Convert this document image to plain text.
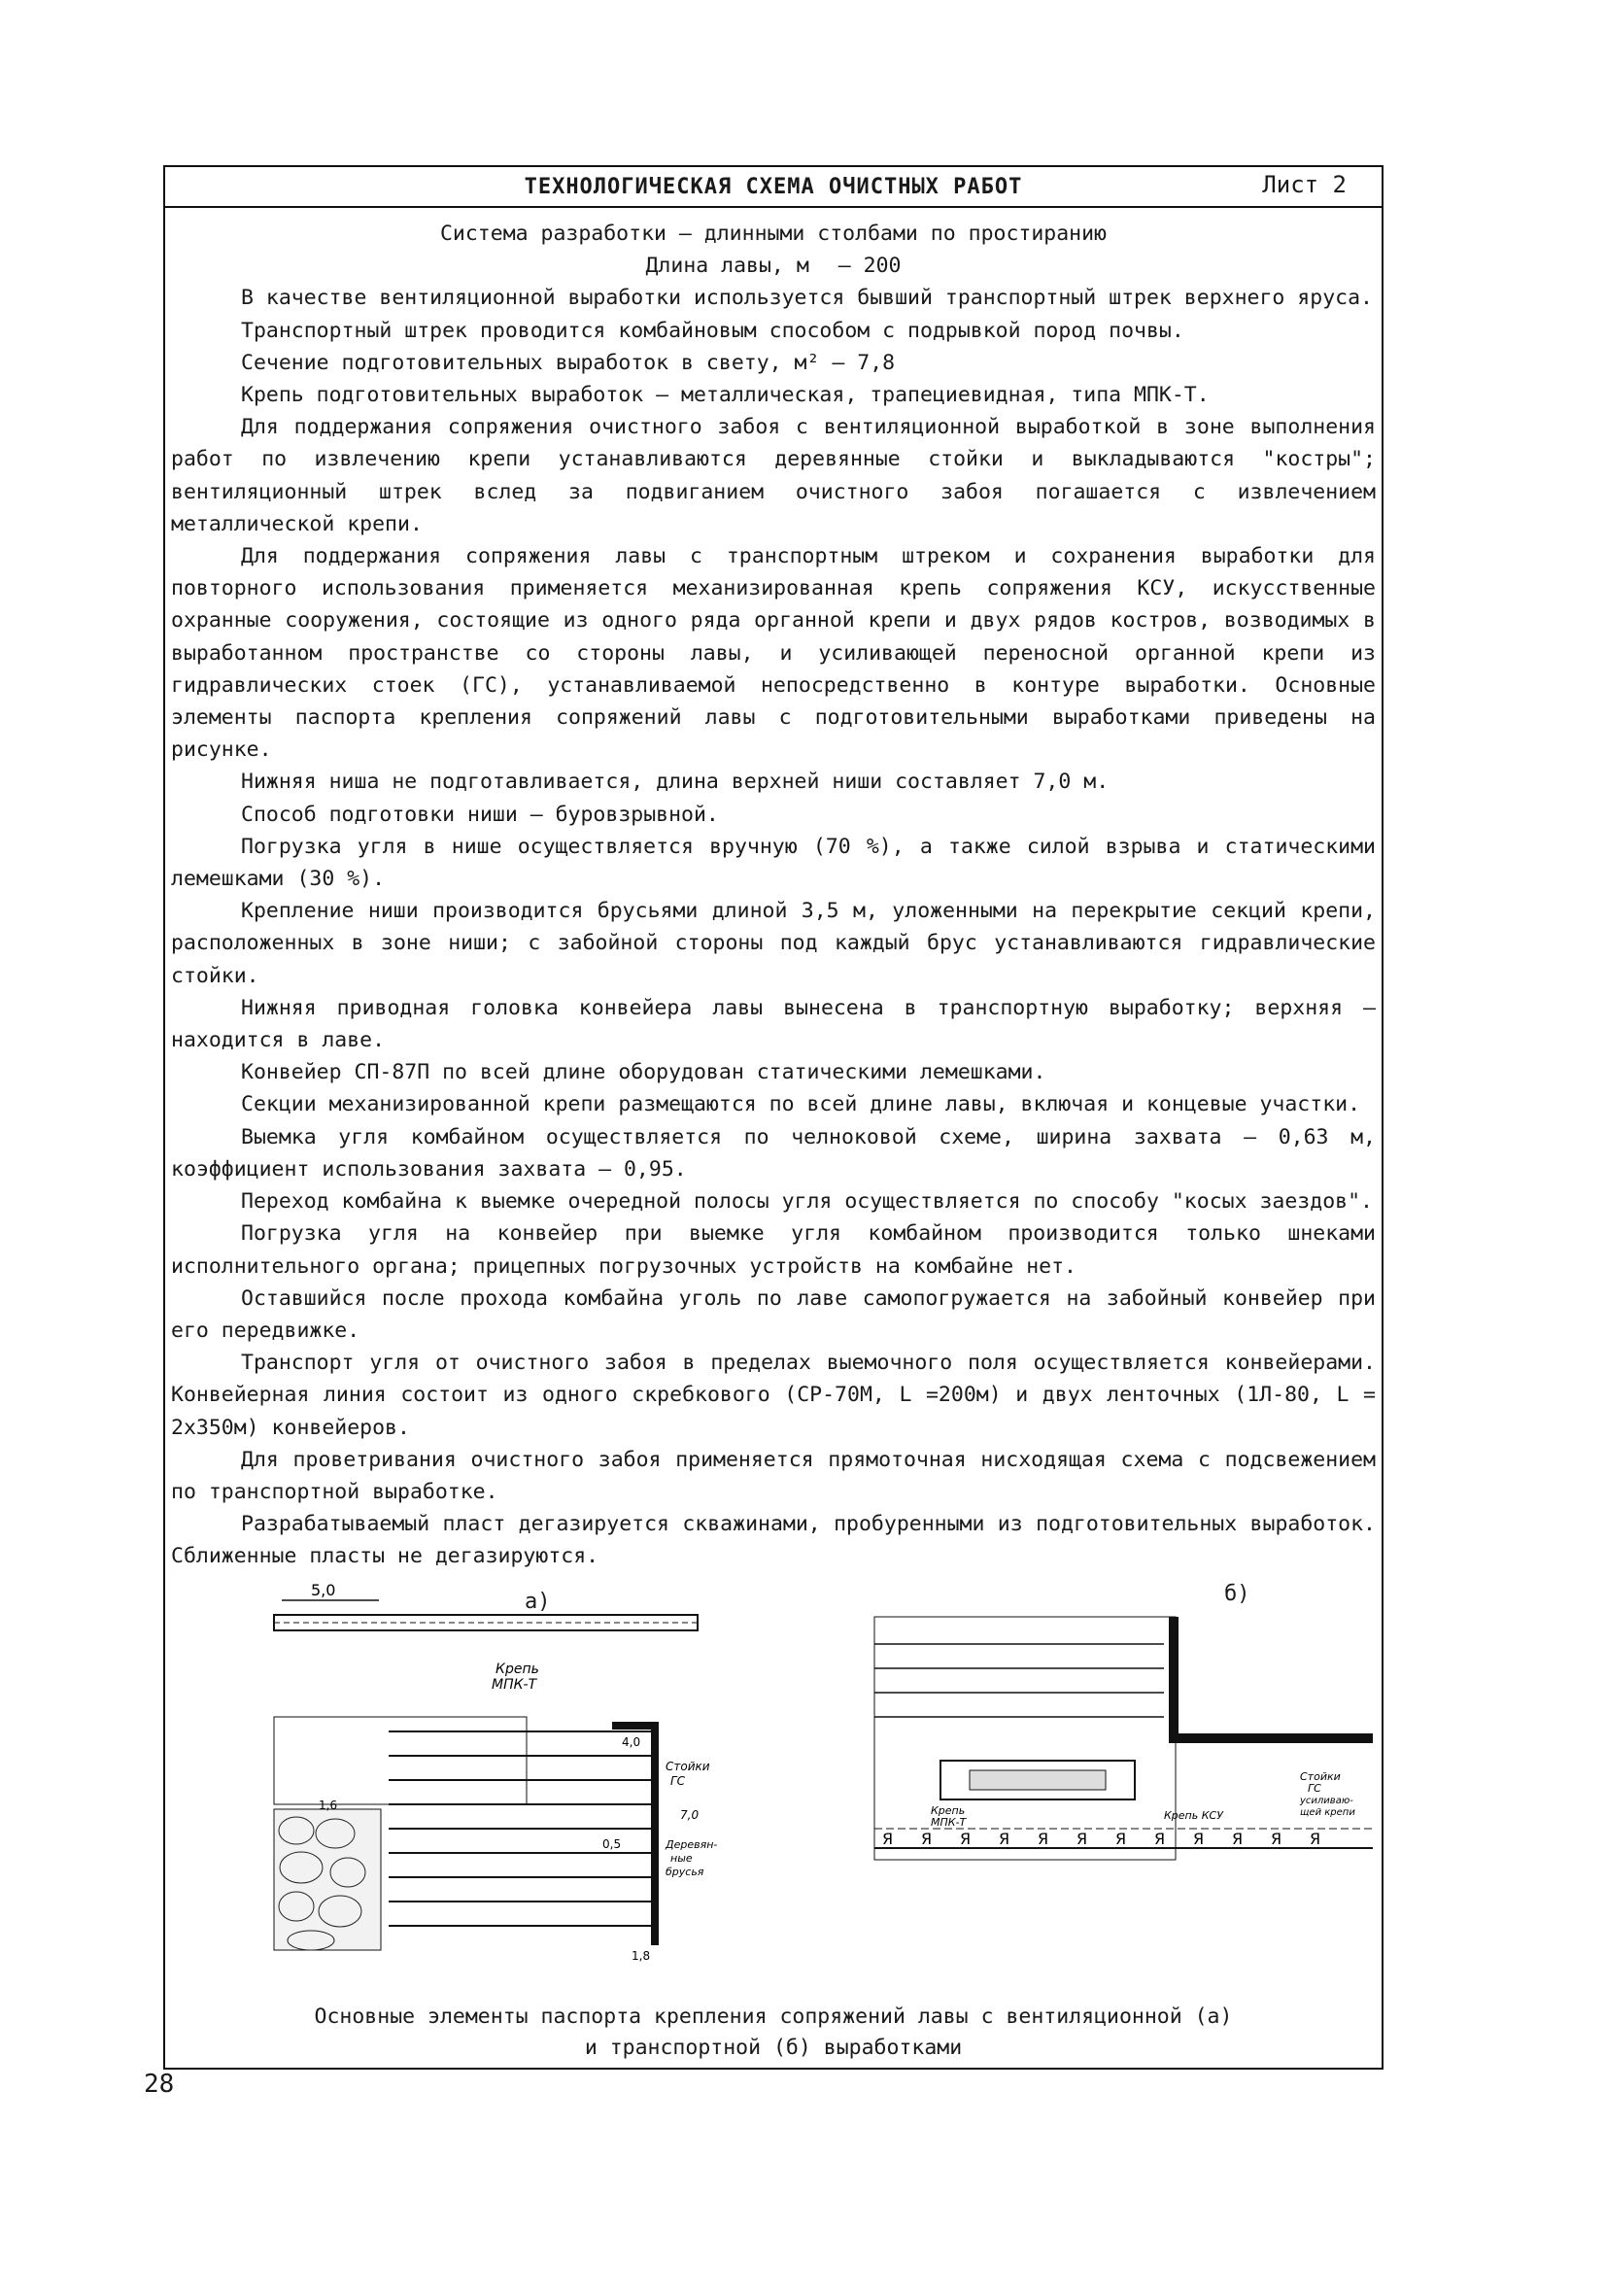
ТЕХНОЛОГИЧЕСКАЯ СХЕМА ОЧИСТНЫХ РАБОТ	Лист 2
Система разработки – длинными столбами по простиранию
Длина лавы, м – 200

В качестве вентиляционной выработки используется бывший транспортный штрек верхнего яруса.

Транспортный штрек проводится комбайновым способом с подрывкой пород почвы.

Сечение подготовительных выработок в свету, м² – 7,8

Крепь подготовительных выработок – металлическая, трапециевидная, типа МПК-Т.

Для поддержания сопряжения очистного забоя с вентиляционной выработкой в зоне выполнения работ по извлечению крепи устанавливаются деревянные стойки и выкладываются "костры"; вентиляционный штрек вслед за подвиганием очистного забоя погашается с извлечением металлической крепи.

Для поддержания сопряжения лавы с транспортным штреком и сохранения выработки для повторного использования применяется механизированная крепь сопряжения КСУ, искусственные охранные сооружения, состоящие из одного ряда органной крепи и двух рядов костров, возводимых в выработанном пространстве со стороны лавы, и усиливающей переносной органной крепи из гидравлических стоек (ГС), устанавливаемой непосредственно в контуре выработки. Основные элементы паспорта крепления сопряжений лавы с подготовительными выработками приведены на рисунке.

Нижняя ниша не подготавливается, длина верхней ниши составляет 7,0 м.

Способ подготовки ниши – буровзрывной.

Погрузка угля в нише осуществляется вручную (70 %), а также силой взрыва и статическими лемешками (30 %).

Крепление ниши производится брусьями длиной 3,5 м, уложенными на перекрытие секций крепи, расположенных в зоне ниши; с забойной стороны под каждый брус устанавливаются гидравлические стойки.

Нижняя приводная головка конвейера лавы вынесена в транспортную выработку; верхняя – находится в лаве.

Конвейер СП-87П по всей длине оборудован статическими лемешками.

Секции механизированной крепи размещаются по всей длине лавы, включая и концевые участки.

Выемка угля комбайном осуществляется по челноковой схеме, ширина захвата – 0,63 м, коэффициент использования захвата – 0,95.

Переход комбайна к выемке очередной полосы угля осуществляется по способу "косых заездов".

Погрузка угля на конвейер при выемке угля комбайном производится только шнеками исполнительного органа; прицепных погрузочных устройств на комбайне нет.

Оставшийся после прохода комбайна уголь по лаве самопогружается на забойный конвейер при его передвижке.

Транспорт угля от очистного забоя в пределах выемочного поля осуществляется конвейерами. Конвейерная линия состоит из одного скребкового (СР-70М, L =200м) и двух ленточных (1Л-80, L = 2х350м) конвейеров.

Для проветривания очистного забоя применяется прямоточная нисходящая схема с подсвежением по транспортной выработке.

Разрабатываемый пласт дегазируется скважинами, пробуренными из подготовительных выработок. Сближенные пласты не дегазируются.

5,0
Крепь
МПК-Т
1,6
4,0
0,5
Стойки
ГС
7,0
Деревян-
ные
брусья
1,8
а)
Я Я Я Я Я Я Я Я Я Я Я Я
Стойки
ГС
усиливаю-
щей крепи
Крепь
МПК-Т
Крепь КСУ
б)
Основные элементы паспорта крепления сопряжений лавы с вентиляционной (а)
и транспортной (б) выработками
28
